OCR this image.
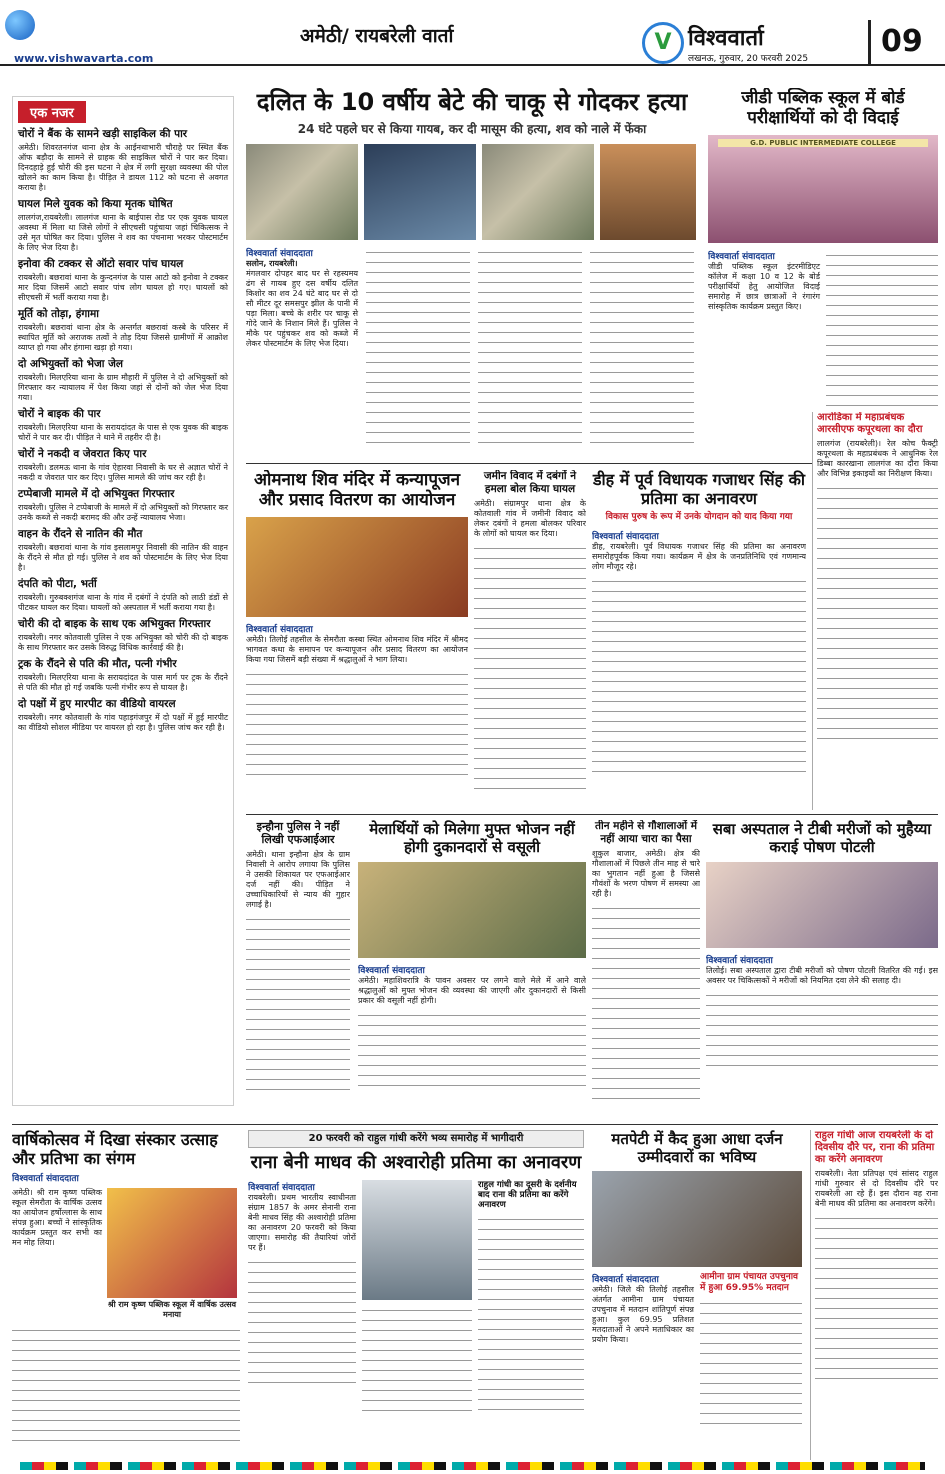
www.vishwavarta.com
अमेठी/ रायबरेली वार्ता	V विश्ववार्ता
लखनऊ, गुरुवार, 20 फरवरी 2025	09
एक नजर
चोरों ने बैंक के सामने खड़ी साइकिल की पार
अमेठी। शिवरतनगंज थाना क्षेत्र के आईनथाभारी चौराहे पर स्थित बैंक ऑफ बड़ौदा के सामने से ग्राहक की साइकिल चोरों ने पार कर दिया। दिनदहाड़े हुई चोरी की इस घटना ने क्षेत्र में लगी सुरक्षा व्यवस्था की पोल खोलने का काम किया है। पीड़ित ने डायल 112 को घटना से अवगत कराया है।
घायल मिले युवक को किया मृतक घोषित
लालगंज,रायबरेली। लालगंज थाना के बाईपास रोड पर एक युवक घायल अवस्था में मिला था जिसे लोगों ने सीएचसी पहुंचाया जहां चिकित्सक ने उसे मृत घोषित कर दिया। पुलिस ने शव का पंचनामा भरकर पोस्टमार्टम के लिए भेज दिया है।
इनोवा की टक्कर से ऑटो सवार पांच घायल
रायबरेली। बछरावां थाना के कुन्दनगंज के पास आटो को इनोवा ने टक्कर मार दिया जिसमें आटो सवार पांच लोग घायल हो गए। घायलों को सीएचसी में भर्ती कराया गया है।
मूर्ति को तोड़ा, हंगामा
रायबरेली। बछरावां थाना क्षेत्र के अन्तर्गत बछरावां कस्बे के परिसर में स्थापित मूर्ति को अराजक तत्वों ने तोड़ दिया जिससे ग्रामीणों में आक्रोश व्याप्त हो गया और हंगामा खड़ा हो गया।
दो अभियुक्तों को भेजा जेल
रायबरेली। मिलएरिया थाना के ग्राम मौहारी में पुलिस ने दो अभियुक्तों को गिरफ्तार कर न्यायालय में पेश किया जहां से दोनों को जेल भेज दिया गया।
चोरों ने बाइक की पार
रायबरेली। मिलएरिया थाना के सरायदांदत के पास से एक युवक की बाइक चोरों ने पार कर दी। पीड़ित ने थाने में तहरीर दी है।
चोरों ने नकदी व जेवरात किए पार
रायबरेली। डलमऊ थाना के गांव ऐहारवा निवासी के घर से अज्ञात चोरों ने नकदी व जेवरात पार कर दिए। पुलिस मामले की जांच कर रही है।
टप्पेबाजी मामले में दो अभियुक्त गिरफ्तार
रायबरेली। पुलिस ने टप्पेबाजी के मामले में दो अभियुक्तों को गिरफ्तार कर उनके कब्जे से नकदी बरामद की और उन्हें न्यायालय भेजा।
वाहन के रौंदने से नातिन की मौत
रायबरेली। बछरावां थाना के गांव इसलामपुर निवासी की नातिन की वाहन के रौंदने से मौत हो गई। पुलिस ने शव को पोस्टमार्टम के लिए भेज दिया है।
दंपति को पीटा, भर्ती
रायबरेली। गुरुबक्शगंज थाना के गांव में दबंगों ने दंपति को लाठी डंडों से पीटकर घायल कर दिया। घायलों को अस्पताल में भर्ती कराया गया है।
चोरी की दो बाइक के साथ एक अभियुक्त गिरफ्तार
रायबरेली। नगर कोतवाली पुलिस ने एक अभियुक्त को चोरी की दो बाइक के साथ गिरफ्तार कर उसके विरुद्ध विधिक कार्रवाई की है।
ट्रक के रौंदने से पति की मौत, पत्नी गंभीर
रायबरेली। मिलएरिया थाना के सरायदांदत के पास मार्ग पर ट्रक के रौंदने से पति की मौत हो गई जबकि पत्नी गंभीर रूप से घायल है।
दो पक्षों में हुए मारपीट का वीडियो वायरल
रायबरेली। नगर कोतवाली के गांव पहाड़गंजपुर में दो पक्षों में हुई मारपीट का वीडियो सोशल मीडिया पर वायरल हो रहा है। पुलिस जांच कर रही है।
दलित के 10 वर्षीय बेटे की चाकू से गोदकर हत्या
24 घंटे पहले घर से किया गायब, कर दी मासूम की हत्या, शव को नाले में फेंका
विश्ववार्ता संवाददाता
सलोन, रायबरेली।
मंगलवार दोपहर बाद घर से रहस्यमय ढंग से गायब हुए दस वर्षीय दलित किशोर का शव 24 घंटे बाद घर से दो सौ मीटर दूर समसपुर झील के पानी में पड़ा मिला। बच्चे के शरीर पर चाकू से गोदे जाने के निशान मिले हैं। पुलिस ने मौके पर पहुंचकर शव को कब्जे में लेकर पोस्टमार्टम के लिए भेज दिया।
जीडी पब्लिक स्कूल में बोर्ड परीक्षार्थियों को दी विदाई
G.D. PUBLIC INTERMEDIATE COLLEGE
विश्ववार्ता संवाददाता
जीडी पब्लिक स्कूल इंटरमीडिएट कॉलेज में कक्षा 10 व 12 के बोर्ड परीक्षार्थियों हेतु आयोजित विदाई समारोह में छात्र छात्राओं ने रंगारंग सांस्कृतिक कार्यक्रम प्रस्तुत किए।
ओमनाथ शिव मंदिर में कन्यापूजन और प्रसाद वितरण का आयोजन
विश्ववार्ता संवाददाता
अमेठी। तिलोई तहसील के सेमरौता कस्बा स्थित ओमनाथ शिव मंदिर में श्रीमद भागवत कथा के समापन पर कन्यापूजन और प्रसाद वितरण का आयोजन किया गया जिसमें बड़ी संख्या में श्रद्धालुओं ने भाग लिया।
जमीन विवाद में दबंगों ने हमला बोल किया घायल
अमेठी। संग्रामपुर थाना क्षेत्र के कोतवाली गांव में जमीनी विवाद को लेकर दबंगों ने हमला बोलकर परिवार के लोगों को घायल कर दिया।
डीह में पूर्व विधायक गजाधर सिंह की प्रतिमा का अनावरण
विकास पुरुष के रूप में उनके योगदान को याद किया गया
विश्ववार्ता संवाददाता
डीह, रायबरेली। पूर्व विधायक गजाधर सिंह की प्रतिमा का अनावरण समारोहपूर्वक किया गया। कार्यक्रम में क्षेत्र के जनप्रतिनिधि एवं गणमान्य लोग मौजूद रहे।
आरोडिका में महाप्रबंधक आरसीएफ कपूरथला का दौरा
लालगंज (रायबरेली)। रेल कोच फैक्ट्री कपूरथला के महाप्रबंधक ने आधुनिक रेल डिब्बा कारखाना लालगंज का दौरा किया और विभिन्न इकाइयों का निरीक्षण किया।
इन्हौना पुलिस ने नहीं लिखी एफआईआर
अमेठी। थाना इन्हौना क्षेत्र के ग्राम निवासी ने आरोप लगाया कि पुलिस ने उसकी शिकायत पर एफआईआर दर्ज नहीं की। पीड़ित ने उच्चाधिकारियों से न्याय की गुहार लगाई है।
मेलार्थियों को मिलेगा मुफ्त भोजन नहीं होगी दुकानदारों से वसूली
विश्ववार्ता संवाददाता
अमेठी। महाशिवरात्रि के पावन अवसर पर लगने वाले मेले में आने वाले श्रद्धालुओं को मुफ्त भोजन की व्यवस्था की जाएगी और दुकानदारों से किसी प्रकार की वसूली नहीं होगी।
तीन महीने से गौशालाओं में नहीं आया चारा का पैसा
शुकुल बाजार, अमेठी। क्षेत्र की गौशालाओं में पिछले तीन माह से चारे का भुगतान नहीं हुआ है जिससे गौवंशों के भरण पोषण में समस्या आ रही है।
सबा अस्पताल ने टीबी मरीजों को मुहैय्या कराई पोषण पोटली
विश्ववार्ता संवाददाता
तिलोई। सबा अस्पताल द्वारा टीबी मरीजों को पोषण पोटली वितरित की गई। इस अवसर पर चिकित्सकों ने मरीजों को नियमित दवा लेने की सलाह दी।
वार्षिकोत्सव में दिखा संस्कार उत्साह और प्रतिभा का संगम
विश्ववार्ता संवाददाता
अमेठी। श्री राम कृष्ण पब्लिक स्कूल सेमरौता के वार्षिक उत्सव का आयोजन हर्षोल्लास के साथ संपन्न हुआ। बच्चों ने सांस्कृतिक कार्यक्रम प्रस्तुत कर सभी का मन मोह लिया।
श्री राम कृष्ण पब्लिक स्कूल में वार्षिक उत्सव मनाया
20 फरवरी को राहुल गांधी करेंगे भव्य समारोह में भागीदारी
राना बेनी माधव की अश्वारोही प्रतिमा का अनावरण
विश्ववार्ता संवाददाता
रायबरेली। प्रथम भारतीय स्वाधीनता संग्राम 1857 के अमर सेनानी राना बेनी माधव सिंह की अश्वारोही प्रतिमा का अनावरण 20 फरवरी को किया जाएगा। समारोह की तैयारियां जोरों पर हैं।
राहुल गांधी का दूसरी के दर्शनीय बाद राना की प्रतिमा का करेंगे अनावरण
मतपेटी में कैद हुआ आधा दर्जन उम्मीदवारों का भविष्य
विश्ववार्ता संवाददाता
अमेठी। जिले की तिलोई तहसील अंतर्गत आमीना ग्राम पंचायत उपचुनाव में मतदान शांतिपूर्ण संपन्न हुआ। कुल 69.95 प्रतिशत मतदाताओं ने अपने मताधिकार का प्रयोग किया।
आमीना ग्राम पंचायत उपचुनाव में हुआ 69.95% मतदान
राहुल गांधी आज रायबरेली के दो दिवसीय दौरे पर, राना की प्रतिमा का करेंगे अनावरण
रायबरेली। नेता प्रतिपक्ष एवं सांसद राहुल गांधी गुरुवार से दो दिवसीय दौरे पर रायबरेली आ रहे हैं। इस दौरान वह राना बेनी माधव की प्रतिमा का अनावरण करेंगे।
